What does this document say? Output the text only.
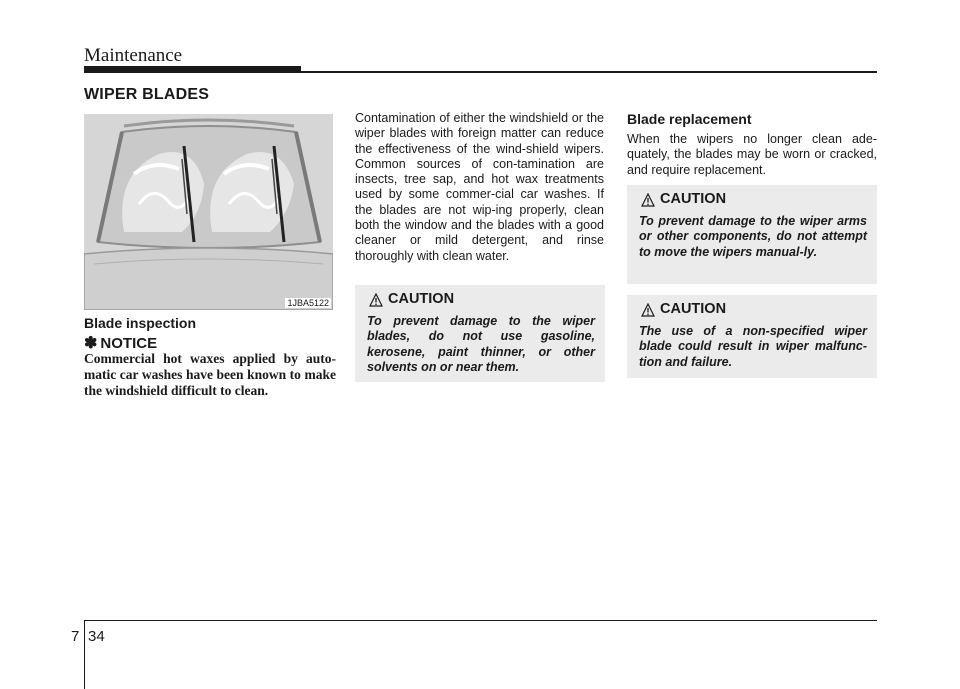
Maintenance
WIPER BLADES
1JBA5122
Blade inspection
✽ NOTICE
Commercial hot waxes applied by auto-matic car washes have been known to make the windshield difficult to clean.
Contamination of either the windshield or the wiper blades with foreign matter can reduce the effectiveness of the wind-shield wipers. Common sources of con-tamination are insects, tree sap, and hot wax treatments used by some commer-cial car washes. If the blades are not wip-ing properly, clean both the window and the blades with a good cleaner or mild detergent, and rinse thoroughly with clean water.
CAUTION
To prevent damage to the wiper blades, do not use gasoline, kerosene, paint thinner, or other solvents on or near them.
Blade replacement
When the wipers no longer clean ade-quately, the blades may be worn or cracked, and require replacement.
CAUTION
To prevent damage to the wiper arms or other components, do not attempt to move the wipers manual-ly.
CAUTION
The use of a non-specified wiper blade could result in wiper malfunc-tion and failure.
7 34
